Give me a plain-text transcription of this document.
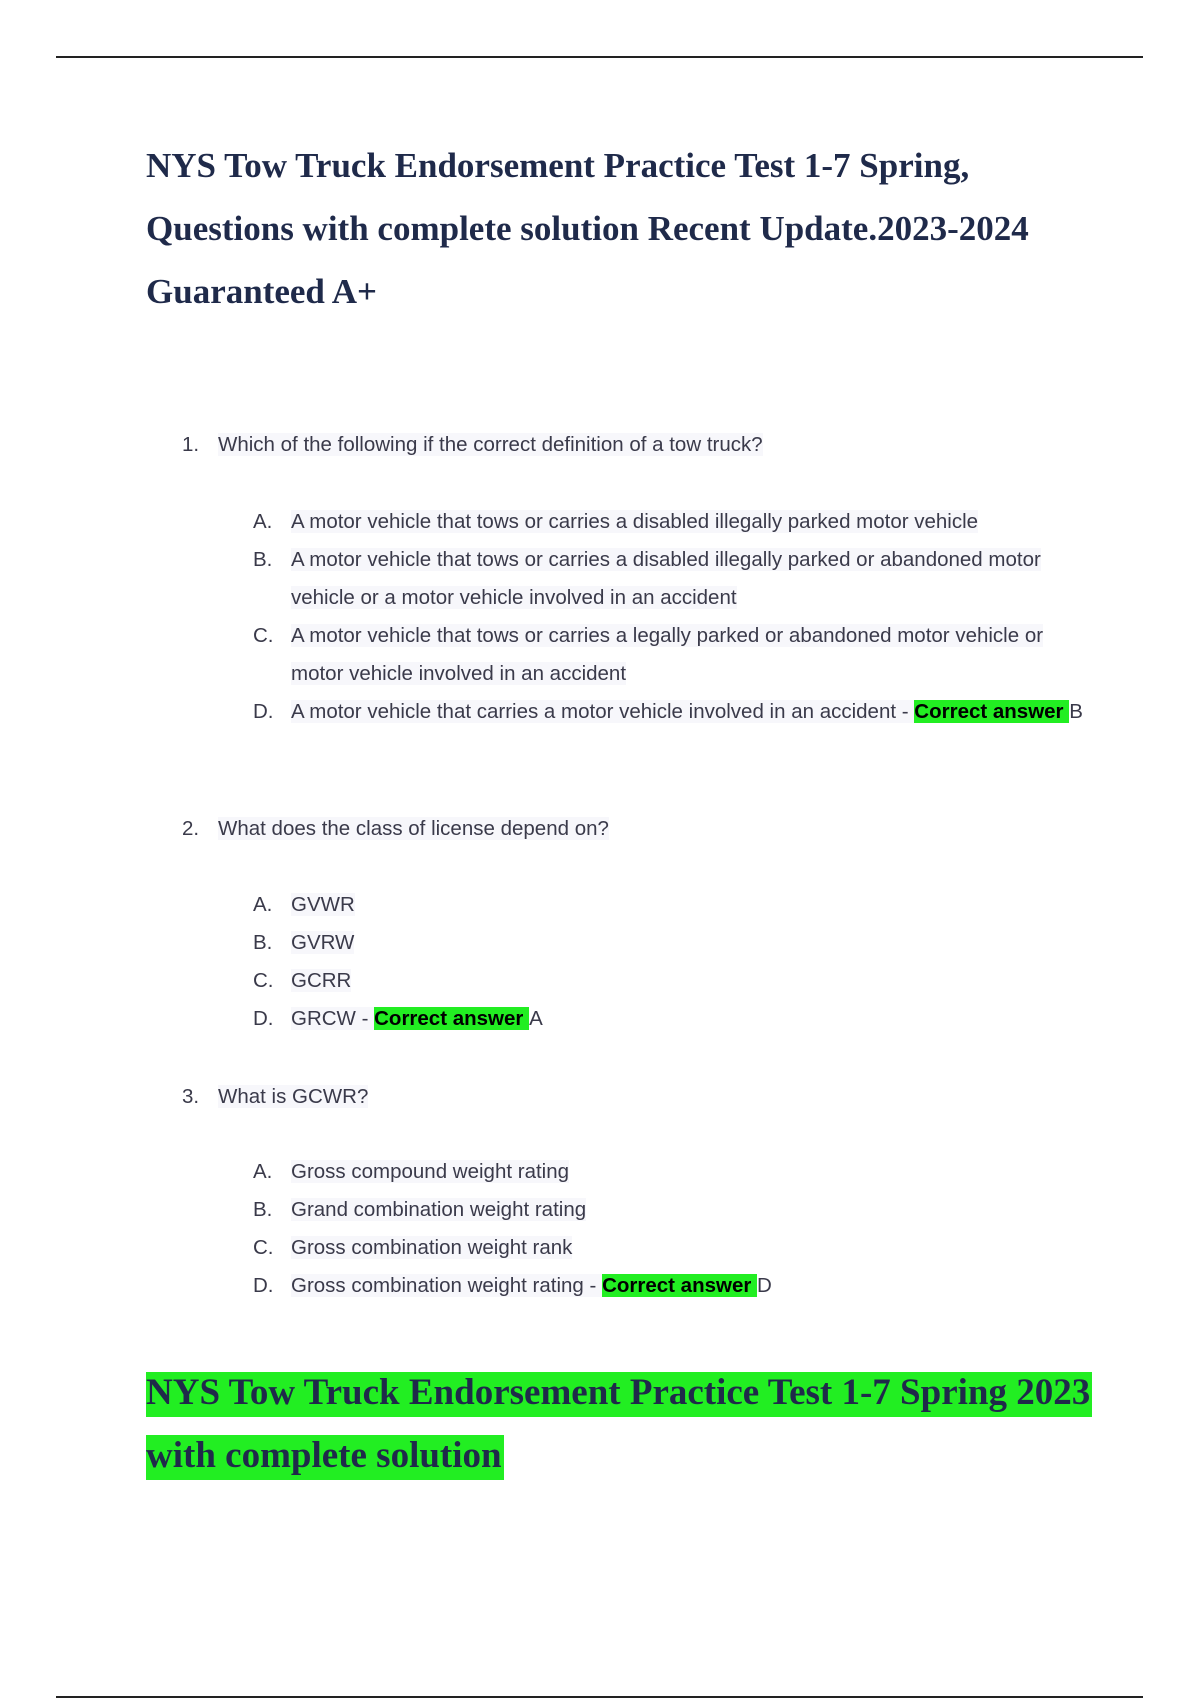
NYS Tow Truck Endorsement Practice Test 1-7 Spring, Questions with complete solution Recent Update.2023-2024 Guaranteed A+
1. Which of the following if the correct definition of a tow truck?
A. A motor vehicle that tows or carries a disabled illegally parked motor vehicle
B. A motor vehicle that tows or carries a disabled illegally parked or abandoned motor vehicle or a motor vehicle involved in an accident
C. A motor vehicle that tows or carries a legally parked or abandoned motor vehicle or motor vehicle involved in an accident
D. A motor vehicle that carries a motor vehicle involved in an accident - Correct answer B
2. What does the class of license depend on?
A. GVWR
B. GVRW
C. GCRR
D. GRCW - Correct answer A
3. What is GCWR?
A. Gross compound weight rating
B. Grand combination weight rating
C. Gross combination weight rank
D. Gross combination weight rating - Correct answer D
NYS Tow Truck Endorsement Practice Test 1-7 Spring 2023 with complete solution
